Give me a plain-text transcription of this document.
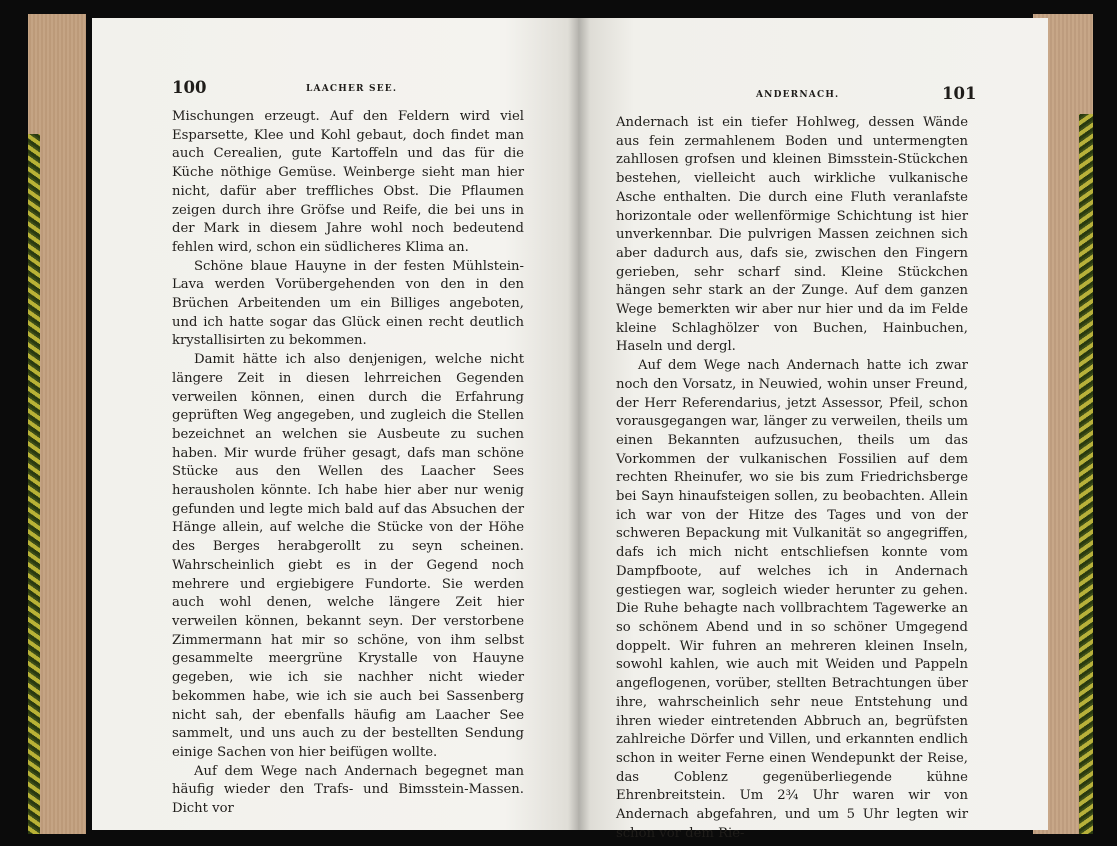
100	LAACHER SEE.

Mischungen erzeugt. Auf den Feldern wird viel Esparsette, Klee und Kohl gebaut, doch findet man auch Cerealien, gute Kartoffeln und das für die Küche nöthige Gemüse. Weinberge sieht man hier nicht, dafür aber treffliches Obst. Die Pflaumen zeigen durch ihre Gröfse und Reife, die bei uns in der Mark in diesem Jahre wohl noch bedeutend fehlen wird, schon ein südlicheres Klima an.

Schöne blaue Hauyne in der festen Mühlstein-Lava werden Vorübergehenden von den in den Brüchen Arbeitenden um ein Billiges angeboten, und ich hatte sogar das Glück einen recht deutlich krystallisirten zu bekommen.

Damit hätte ich also denjenigen, welche nicht längere Zeit in diesen lehrreichen Gegenden verweilen können, einen durch die Erfahrung geprüften Weg angegeben, und zugleich die Stellen bezeichnet an welchen sie Ausbeute zu suchen haben. Mir wurde früher gesagt, dafs man schöne Stücke aus den Wellen des Laacher Sees herausholen könnte. Ich habe hier aber nur wenig gefunden und legte mich bald auf das Absuchen der Hänge allein, auf welche die Stücke von der Höhe des Berges herabgerollt zu seyn scheinen. Wahrscheinlich giebt es in der Gegend noch mehrere und ergiebigere Fundorte. Sie werden auch wohl denen, welche längere Zeit hier verweilen können, bekannt seyn. Der verstorbene Zimmermann hat mir so schöne, von ihm selbst gesammelte meergrüne Krystalle von Hauyne gegeben, wie ich sie nachher nicht wieder bekommen habe, wie ich sie auch bei Sassenberg nicht sah, der ebenfalls häufig am Laacher See sammelt, und uns auch zu der bestellten Sendung einige Sachen von hier beifügen wollte.

Auf dem Wege nach Andernach begegnet man häufig wieder den Trafs- und Bimsstein-Massen. Dicht vor

ANDERNACH.	101

Andernach ist ein tiefer Hohlweg, dessen Wände aus fein zermahlenem Boden und untermengten zahllosen grofsen und kleinen Bimsstein-Stückchen bestehen, vielleicht auch wirkliche vulkanische Asche enthalten. Die durch eine Fluth veranlafste horizontale oder wellenförmige Schichtung ist hier unverkennbar. Die pulvrigen Massen zeichnen sich aber dadurch aus, dafs sie, zwischen den Fingern gerieben, sehr scharf sind. Kleine Stückchen hängen sehr stark an der Zunge. Auf dem ganzen Wege bemerkten wir aber nur hier und da im Felde kleine Schlaghölzer von Buchen, Hainbuchen, Haseln und dergl.

Auf dem Wege nach Andernach hatte ich zwar noch den Vorsatz, in Neuwied, wohin unser Freund, der Herr Referendarius, jetzt Assessor, Pfeil, schon vorausgegangen war, länger zu verweilen, theils um einen Bekannten aufzusuchen, theils um das Vorkommen der vulkanischen Fossilien auf dem rechten Rheinufer, wo sie bis zum Friedrichsberge bei Sayn hinaufsteigen sollen, zu beobachten. Allein ich war von der Hitze des Tages und von der schweren Bepackung mit Vulkanität so angegriffen, dafs ich mich nicht entschliefsen konnte vom Dampfboote, auf welches ich in Andernach gestiegen war, sogleich wieder herunter zu gehen. Die Ruhe behagte nach vollbrachtem Tagewerke an so schönem Abend und in so schöner Umgegend doppelt. Wir fuhren an mehreren kleinen Inseln, sowohl kahlen, wie auch mit Weiden und Pappeln angeflogenen, vorüber, stellten Betrachtungen über ihre, wahrscheinlich sehr neue Entstehung und ihren wieder eintretenden Abbruch an, begrüfsten zahlreiche Dörfer und Villen, und erkannten endlich schon in weiter Ferne einen Wendepunkt der Reise, das Coblenz gegenüberliegende kühne Ehrenbreitstein. Um 2¾ Uhr waren wir von Andernach abgefahren, und um 5 Uhr legten wir schon vor dem Rie-
